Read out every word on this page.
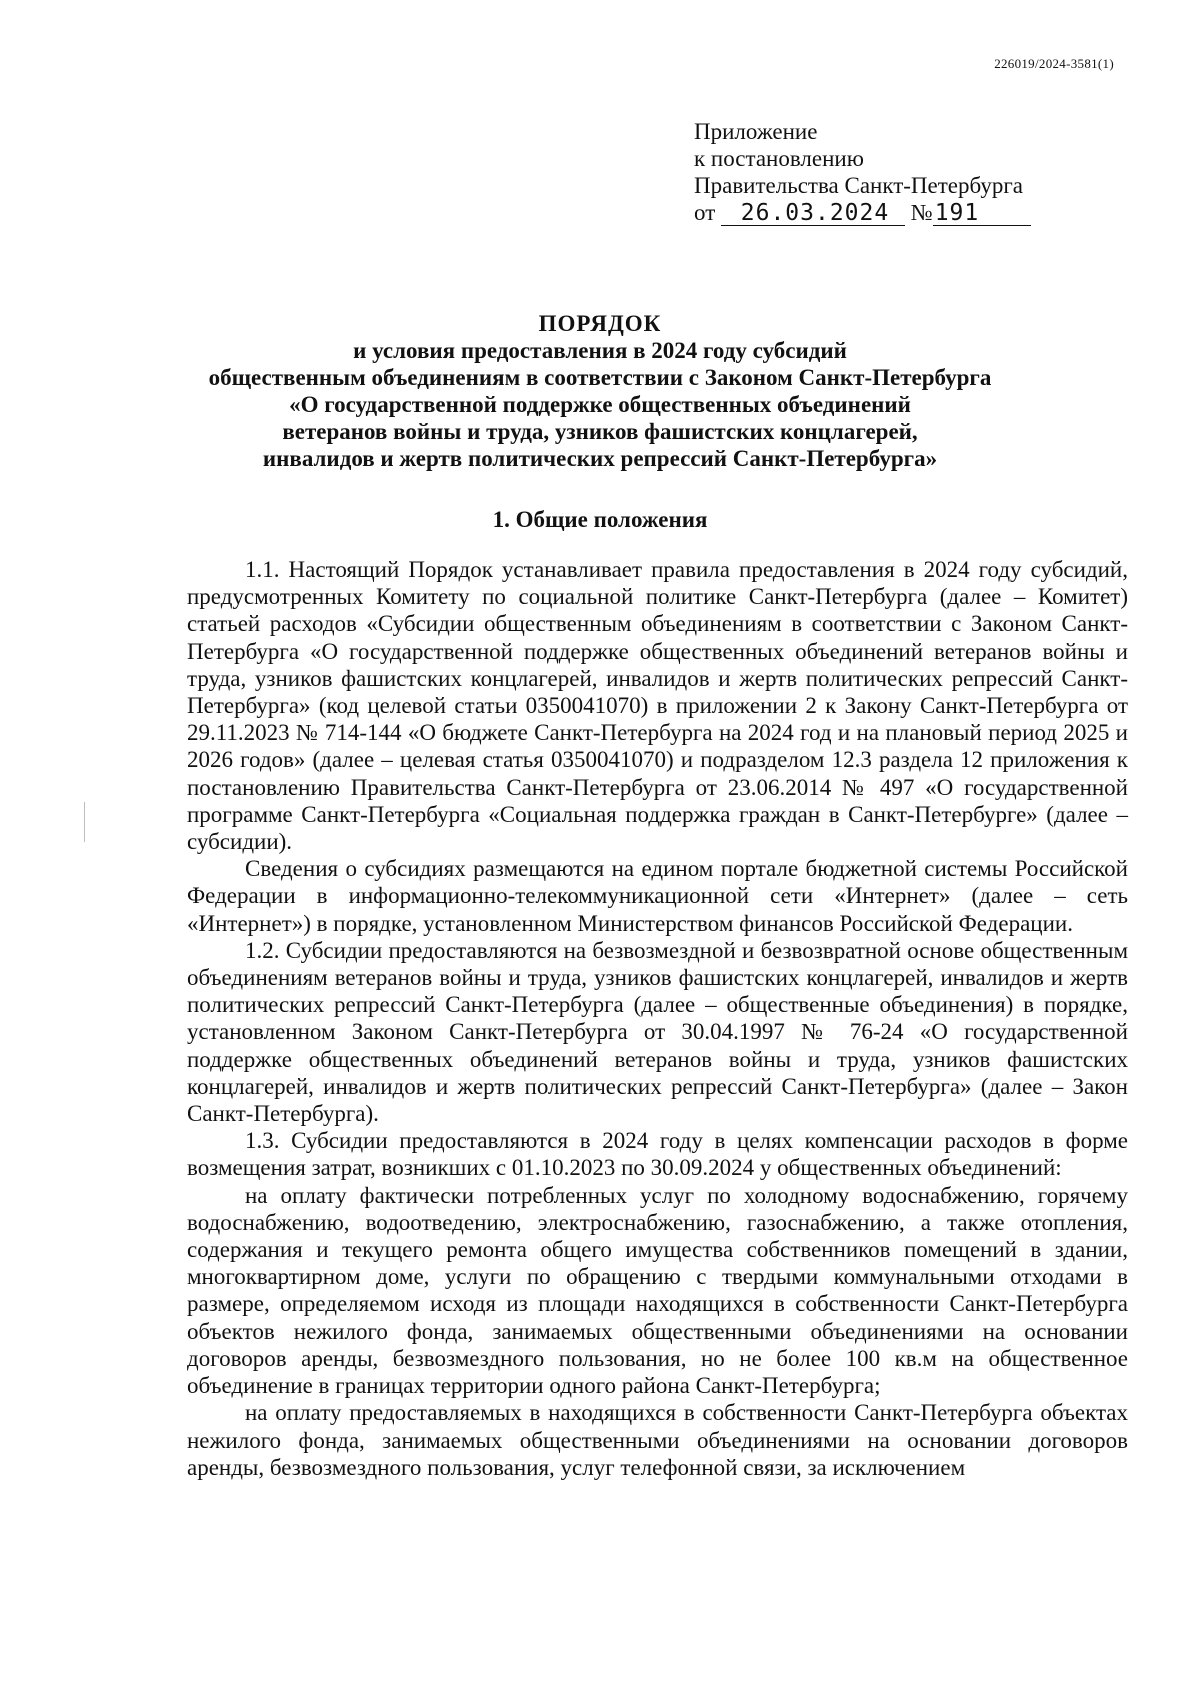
226019/2024-3581(1)
Приложение
к постановлению
Правительства Санкт-Петербурга
от 26.03.2024 №191
ПОРЯДОК
и условия предоставления в 2024 году субсидий
общественным объединениям в соответствии с Законом Санкт-Петербурга
«О государственной поддержке общественных объединений
ветеранов войны и труда, узников фашистских концлагерей,
инвалидов и жертв политических репрессий Санкт-Петербурга»
1. Общие положения

1.1. Настоящий Порядок устанавливает правила предоставления в 2024 году субсидий, предусмотренных Комитету по социальной политике Санкт-Петербурга (далее – Комитет) статьей расходов «Субсидии общественным объединениям в соответствии с Законом Санкт-Петербурга «О государственной поддержке общественных объединений ветеранов войны и труда, узников фашистских концлагерей, инвалидов и жертв политических репрессий Санкт-Петербурга» (код целевой статьи 0350041070) в приложении 2 к Закону Санкт-Петербурга от 29.11.2023 № 714-144 «О бюджете Санкт-Петербурга на 2024 год и на плановый период 2025 и 2026 годов» (далее – целевая статья 0350041070) и подразделом 12.3 раздела 12 приложения к постановлению Правительства Санкт-Петербурга от 23.06.2014 № 497 «О государственной программе Санкт-Петербурга «Социальная поддержка граждан в Санкт-Петербурге» (далее – субсидии).

Сведения о субсидиях размещаются на едином портале бюджетной системы Российской Федерации в информационно-телекоммуникационной сети «Интернет» (далее – сеть «Интернет») в порядке, установленном Министерством финансов Российской Федерации.

1.2. Субсидии предоставляются на безвозмездной и безвозвратной основе общественным объединениям ветеранов войны и труда, узников фашистских концлагерей, инвалидов и жертв политических репрессий Санкт-Петербурга (далее – общественные объединения) в порядке, установленном Законом Санкт-Петербурга от 30.04.1997 № 76-24 «О государственной поддержке общественных объединений ветеранов войны и труда, узников фашистских концлагерей, инвалидов и жертв политических репрессий Санкт-Петербурга» (далее – Закон Санкт-Петербурга).

1.3. Субсидии предоставляются в 2024 году в целях компенсации расходов в форме возмещения затрат, возникших с 01.10.2023 по 30.09.2024 у общественных объединений:

на оплату фактически потребленных услуг по холодному водоснабжению, горячему водоснабжению, водоотведению, электроснабжению, газоснабжению, а также отопления, содержания и текущего ремонта общего имущества собственников помещений в здании, многоквартирном доме, услуги по обращению с твердыми коммунальными отходами в размере, определяемом исходя из площади находящихся в собственности Санкт-Петербурга объектов нежилого фонда, занимаемых общественными объединениями на основании договоров аренды, безвозмездного пользования, но не более 100 кв.м на общественное объединение в границах территории одного района Санкт-Петербурга;

на оплату предоставляемых в находящихся в собственности Санкт-Петербурга объектах нежилого фонда, занимаемых общественными объединениями на основании договоров аренды, безвозмездного пользования, услуг телефонной связи, за исключением
